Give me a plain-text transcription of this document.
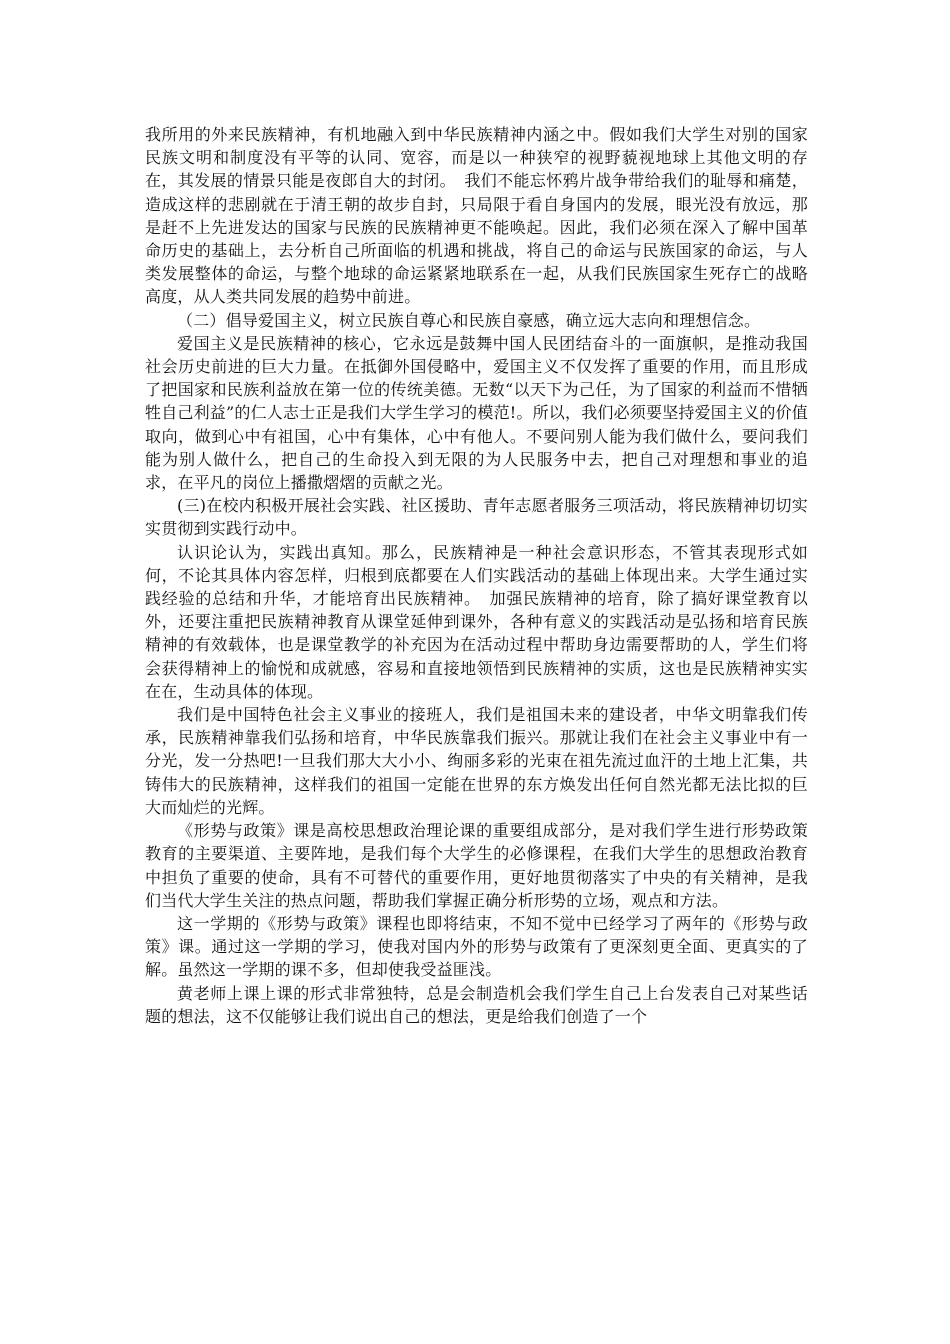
我所用的外来民族精神，有机地融入到中华民族精神内涵之中。假如我们大学生对别的国家民族文明和制度没有平等的认同、宽容，而是以一种狭窄的视野藐视地球上其他文明的存在，其发展的情景只能是夜郎自大的封闭。　我们不能忘怀鸦片战争带给我们的耻辱和痛楚，造成这样的悲剧就在于清王朝的故步自封，只局限于看自身国内的发展，眼光没有放远，那是赶不上先进发达的国家与民族的民族精神更不能唤起。因此，我们必须在深入了解中国革命历史的基础上，去分析自己所面临的机遇和挑战，将自己的命运与民族国家的命运，与人类发展整体的命运，与整个地球的命运紧紧地联系在一起，从我们民族国家生死存亡的战略高度，从人类共同发展的趋势中前进。

（二）倡导爱国主义，树立民族自尊心和民族自豪感，确立远大志向和理想信念。

爱国主义是民族精神的核心，它永远是鼓舞中国人民团结奋斗的一面旗帜，是推动我国社会历史前进的巨大力量。在抵御外国侵略中，爱国主义不仅发挥了重要的作用，而且形成了把国家和民族利益放在第一位的传统美德。无数“以天下为己任，为了国家的利益而不惜牺牲自己利益”的仁人志士正是我们大学生学习的模范!。所以，我们必须要坚持爱国主义的价值取向，做到心中有祖国，心中有集体，心中有他人。不要问别人能为我们做什么，要问我们能为别人做什么，把自己的生命投入到无限的为人民服务中去，把自己对理想和事业的追求，在平凡的岗位上播撒熠熠的贡献之光。

(三)在校内积极开展社会实践、社区援助、青年志愿者服务三项活动，将民族精神切切实实贯彻到实践行动中。

认识论认为，实践出真知。那么，民族精神是一种社会意识形态，不管其表现形式如何，不论其具体内容怎样，归根到底都要在人们实践活动的基础上体现出来。大学生通过实践经验的总结和升华，才能培育出民族精神。　加强民族精神的培育，除了搞好课堂教育以外，还要注重把民族精神教育从课堂延伸到课外，各种有意义的实践活动是弘扬和培育民族精神的有效载体，也是课堂教学的补充因为在活动过程中帮助身边需要帮助的人，学生们将会获得精神上的愉悦和成就感，容易和直接地领悟到民族精神的实质，这也是民族精神实实在在，生动具体的体现。

我们是中国特色社会主义事业的接班人，我们是祖国未来的建设者，中华文明靠我们传承，民族精神靠我们弘扬和培育，中华民族靠我们振兴。那就让我们在社会主义事业中有一分光，发一分热吧!一旦我们那大大小小、绚丽多彩的光束在祖先流过血汗的土地上汇集，共铸伟大的民族精神，这样我们的祖国一定能在世界的东方焕发出任何自然光都无法比拟的巨大而灿烂的光辉。

《形势与政策》课是高校思想政治理论课的重要组成部分，是对我们学生进行形势政策教育的主要渠道、主要阵地，是我们每个大学生的必修课程，在我们大学生的思想政治教育中担负了重要的使命，具有不可替代的重要作用，更好地贯彻落实了中央的有关精神，是我们当代大学生关注的热点问题，帮助我们掌握正确分析形势的立场，观点和方法。

这一学期的《形势与政策》课程也即将结束，不知不觉中已经学习了两年的《形势与政策》课。通过这一学期的学习，使我对国内外的形势与政策有了更深刻更全面、更真实的了解。虽然这一学期的课不多，但却使我受益匪浅。

黄老师上课上课的形式非常独特，总是会制造机会我们学生自己上台发表自己对某些话题的想法，这不仅能够让我们说出自己的想法，更是给我们创造了一个
